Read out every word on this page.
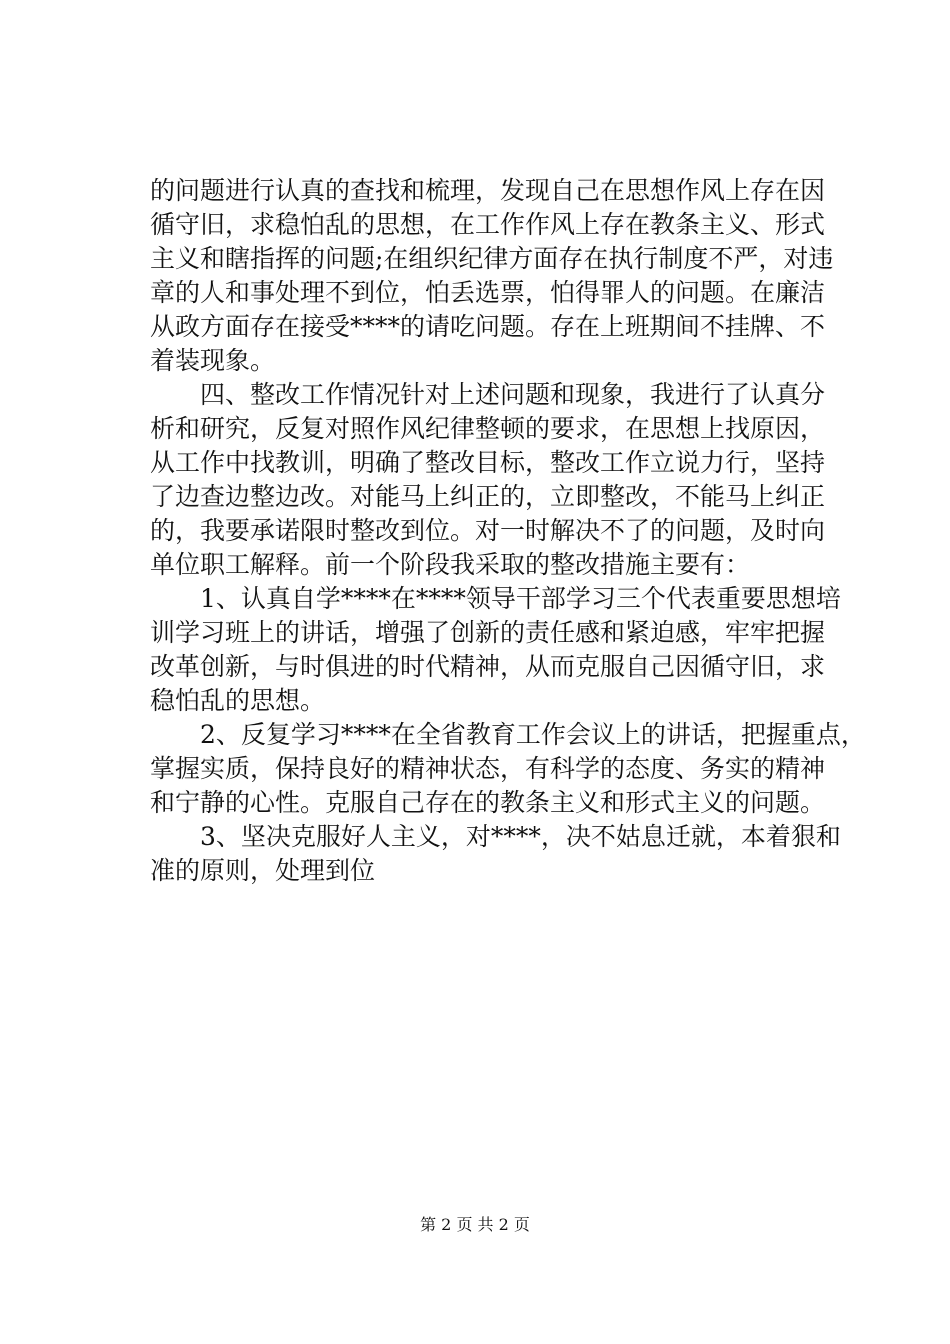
的问题进行认真的查找和梳理，发现自己在思想作风上存在因
循守旧，求稳怕乱的思想，在工作作风上存在教条主义、形式
主义和瞎指挥的问题;在组织纪律方面存在执行制度不严，对违
章的人和事处理不到位，怕丢选票，怕得罪人的问题。在廉洁
从政方面存在接受****的请吃问题。存在上班期间不挂牌、不
着装现象。
　　四、整改工作情况针对上述问题和现象，我进行了认真分
析和研究，反复对照作风纪律整顿的要求，在思想上找原因，
从工作中找教训，明确了整改目标，整改工作立说力行，坚持
了边查边整边改。对能马上纠正的，立即整改，不能马上纠正
的，我要承诺限时整改到位。对一时解决不了的问题，及时向
单位职工解释。前一个阶段我采取的整改措施主要有：
　　1、认真自学****在****领导干部学习三个代表重要思想培
训学习班上的讲话，增强了创新的责任感和紧迫感，牢牢把握
改革创新，与时俱进的时代精神，从而克服自己因循守旧，求
稳怕乱的思想。
　　2、反复学习****在全省教育工作会议上的讲话，把握重点，
掌握实质，保持良好的精神状态，有科学的态度、务实的精神
和宁静的心性。克服自己存在的教条主义和形式主义的问题。
　　3、坚决克服好人主义，对****，决不姑息迁就，本着狠和
准的原则，处理到位
第 2 页 共 2 页
